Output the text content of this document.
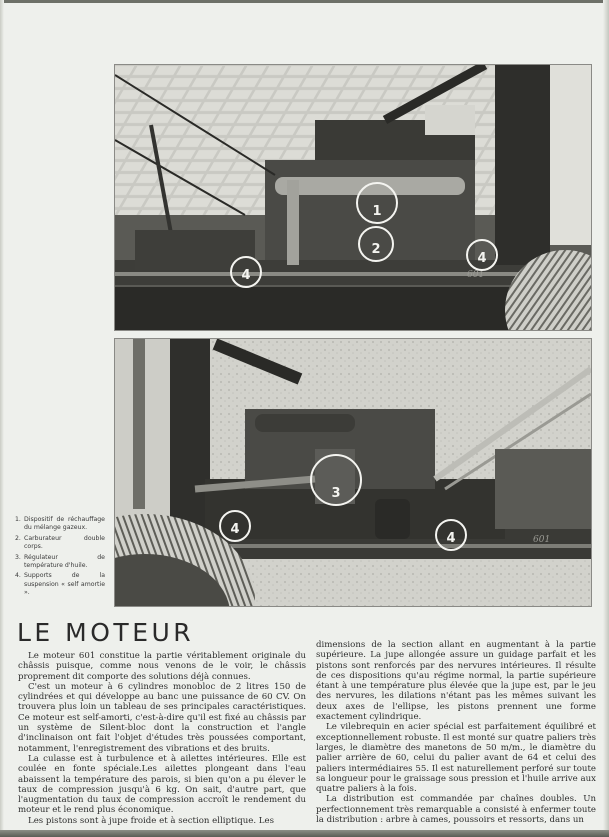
601
1
2
4
4
601
3
4
4
1. Dispositif de réchauffage du mélange gazeux.
2. Carburateur double corps.
3. Régulateur de température d'huile.
4. Supports de la suspension « self amortie ».
LE MOTEUR

Le moteur 601 constitue la partie véritablement originale du châssis puisque, comme nous venons de le voir, le châssis proprement dit comporte des solutions déjà connues.

C'est un moteur à 6 cylindres monobloc de 2 litres 150 de cylindrées et qui développe au banc une puissance de 60 CV. On trouvera plus loin un tableau de ses principales caractéristiques. Ce moteur est self-amorti, c'est-à-dire qu'il est fixé au châssis par un système de Silent-bloc dont la construction et l'angle d'inclinaison ont fait l'objet d'études très poussées comportant, notamment, l'enregistrement des vibrations et des bruits.

La culasse est à turbulence et à ailettes intérieures. Elle est coulée en fonte spéciale.Les ailettes plongeant dans l'eau abaissent la température des parois, si bien qu'on a pu élever le taux de compression jusqu'à 6 kg. On sait, d'autre part, que l'augmentation du taux de compression accroît le rendement du moteur et le rend plus économique.

Les pistons sont à jupe froide et à section elliptique. Les

dimensions de la section allant en augmentant à la partie supérieure. La jupe allongée assure un guidage parfait et les pistons sont renforcés par des nervures intérieures. Il résulte de ces dispositions qu'au régime normal, la partie supérieure étant à une température plus élevée que la jupe est, par le jeu des nervures, les dilations n'étant pas les mêmes suivant les deux axes de l'ellipse, les pistons prennent une forme exactement cylindrique.

Le vilebrequin en acier spécial est parfaitement équilibré et exceptionnellement robuste. Il est monté sur quatre paliers très larges, le diamètre des manetons de 50 m/m., le diamètre du palier arrière de 60, celui du palier avant de 64 et celui des paliers intermédiaires 55. Il est naturellement perforé sur toute sa longueur pour le graissage sous pression et l'huile arrive aux quatre paliers à la fois.

La distribution est commandée par chaînes doubles. Un perfectionnement très remarquable a consisté à enfermer toute la distribution : arbre à cames, poussoirs et ressorts, dans un
